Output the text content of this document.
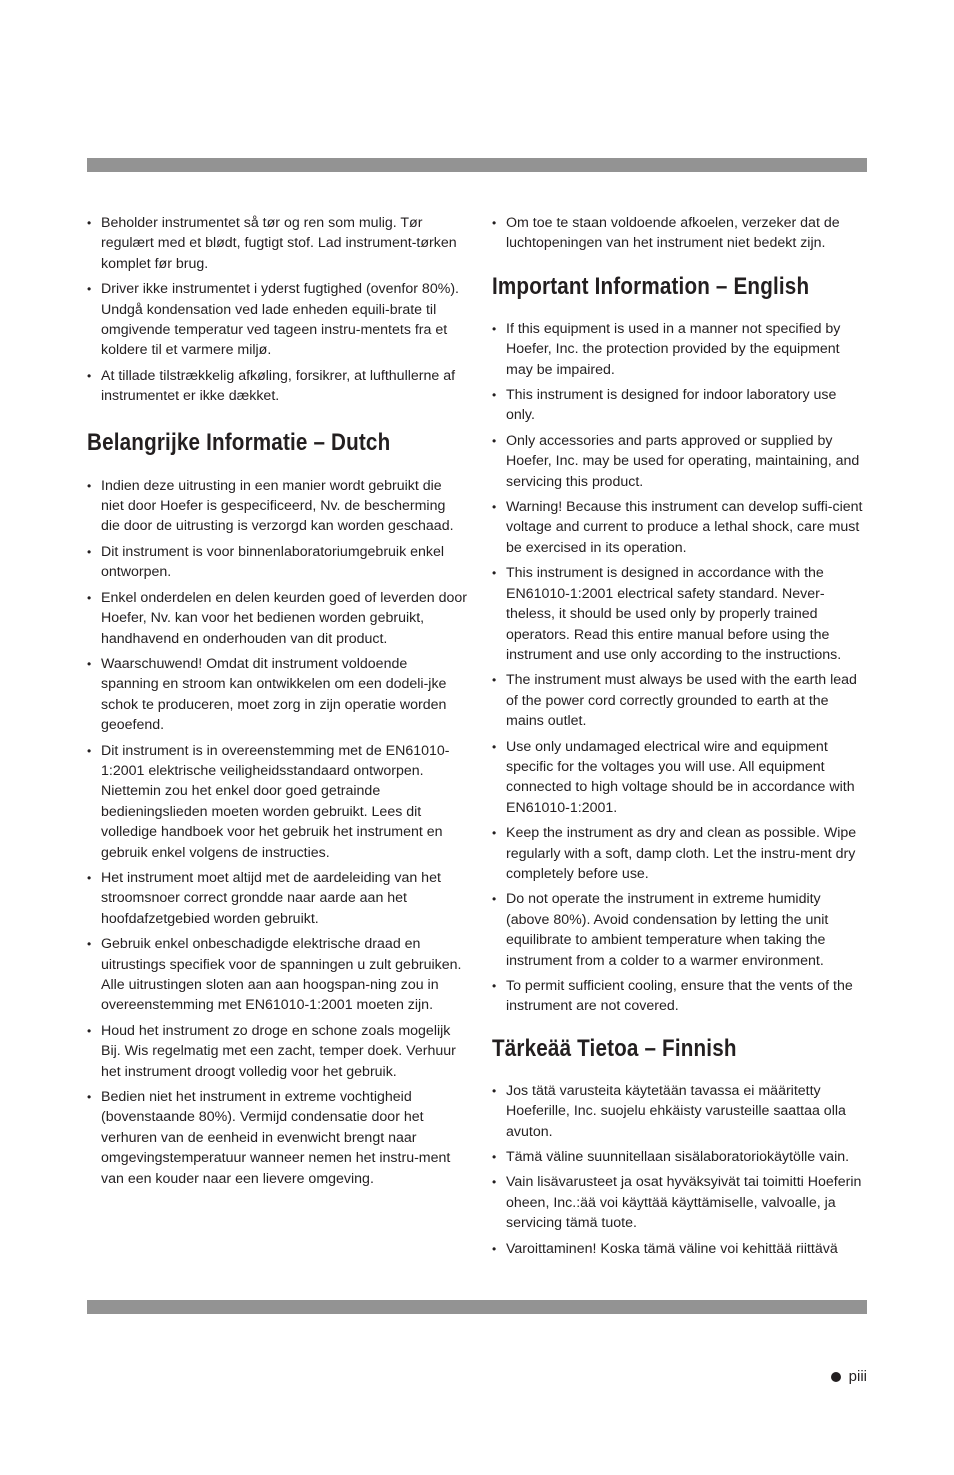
• Beholder instrumentet så tør og ren som mulig. Tør regulært med et blødt, fugtigt stof. Lad instrument-tørken komplet før brug.
• Driver ikke instrumentet i yderst fugtighed (ovenfor 80%). Undgå kondensation ved lade enheden equili-brate til omgivende temperatur ved tageen instru-mentets fra et koldere til et varmere miljø.
• At tillade tilstrækkelig afkøling, forsikrer, at lufthullerne af instrumentet er ikke dækket.
Belangrijke Informatie – Dutch
• Indien deze uitrusting in een manier wordt gebruikt die niet door Hoefer is gespecificeerd, Nv. de bescherming die door de uitrusting is verzorgd kan worden geschaad.
• Dit instrument is voor binnenlaboratoriumgebruik enkel ontworpen.
• Enkel onderdelen en delen keurden goed of leverden door Hoefer, Nv. kan voor het bedienen worden gebruikt, handhavend en onderhouden van dit product.
• Waarschuwend! Omdat dit instrument voldoende spanning en stroom kan ontwikkelen om een dodeli-jke schok te produceren, moet zorg in zijn operatie worden geoefend.
• Dit instrument is in overeenstemming met de EN61010-1:2001 elektrische veiligheidsstandaard ontworpen. Niettemin zou het enkel door goed getrainde bedieningslieden moeten worden gebruikt. Lees dit volledige handboek voor het gebruik het instrument en gebruik enkel volgens de instructies.
• Het instrument moet altijd met de aardeleiding van het stroomsnoer correct grondde naar aarde aan het hoofdafzetgebied worden gebruikt.
• Gebruik enkel onbeschadigde elektrische draad en uitrustings specifiek voor de spanningen u zult gebruiken. Alle uitrustingen sloten aan aan hoogspan-ning zou in overeenstemming met EN61010-1:2001 moeten zijn.
• Houd het instrument zo droge en schone zoals mogelijk Bij. Wis regelmatig met een zacht, temper doek. Verhuur het instrument droogt volledig voor het gebruik.
• Bedien niet het instrument in extreme vochtigheid (bovenstaande 80%). Vermijd condensatie door het verhuren van de eenheid in evenwicht brengt naar omgevingstemperatuur wanneer nemen het instru-ment van een kouder naar een lievere omgeving.
• Om toe te staan voldoende afkoelen, verzeker dat de luchtopeningen van het instrument niet bedekt zijn.
Important Information – English
• If this equipment is used in a manner not specified by Hoefer, Inc. the protection provided by the equipment may be impaired.
• This instrument is designed for indoor laboratory use only.
• Only accessories and parts approved or supplied by Hoefer, Inc. may be used for operating, maintaining, and servicing this product.
• Warning! Because this instrument can develop suffi-cient voltage and current to produce a lethal shock, care must be exercised in its operation.
• This instrument is designed in accordance with the EN61010-1:2001 electrical safety standard. Never-theless, it should be used only by properly trained operators. Read this entire manual before using the instrument and use only according to the instructions.
• The instrument must always be used with the earth lead of the power cord correctly grounded to earth at the mains outlet.
• Use only undamaged electrical wire and equipment specific for the voltages you will use. All equipment connected to high voltage should be in accordance with EN61010-1:2001.
• Keep the instrument as dry and clean as possible. Wipe regularly with a soft, damp cloth. Let the instru-ment dry completely before use.
• Do not operate the instrument in extreme humidity (above 80%). Avoid condensation by letting the unit equilibrate to ambient temperature when taking the instrument from a colder to a warmer environment.
• To permit sufficient cooling, ensure that the vents of the instrument are not covered.
Tärkeää Tietoa – Finnish
• Jos tätä varusteita käytetään tavassa ei määritetty Hoeferille, Inc. suojelu ehkäisty varusteille saattaa olla avuton.
• Tämä väline suunnitellaan sisälaboratoriokäytölle vain.
• Vain lisävarusteet ja osat hyväksyivät tai toimitti Hoeferin oheen, Inc.:ää voi käyttää käyttämiselle, valvoalle, ja servicing tämä tuote.
• Varoittaminen! Koska tämä väline voi kehittää riittävä
piii
